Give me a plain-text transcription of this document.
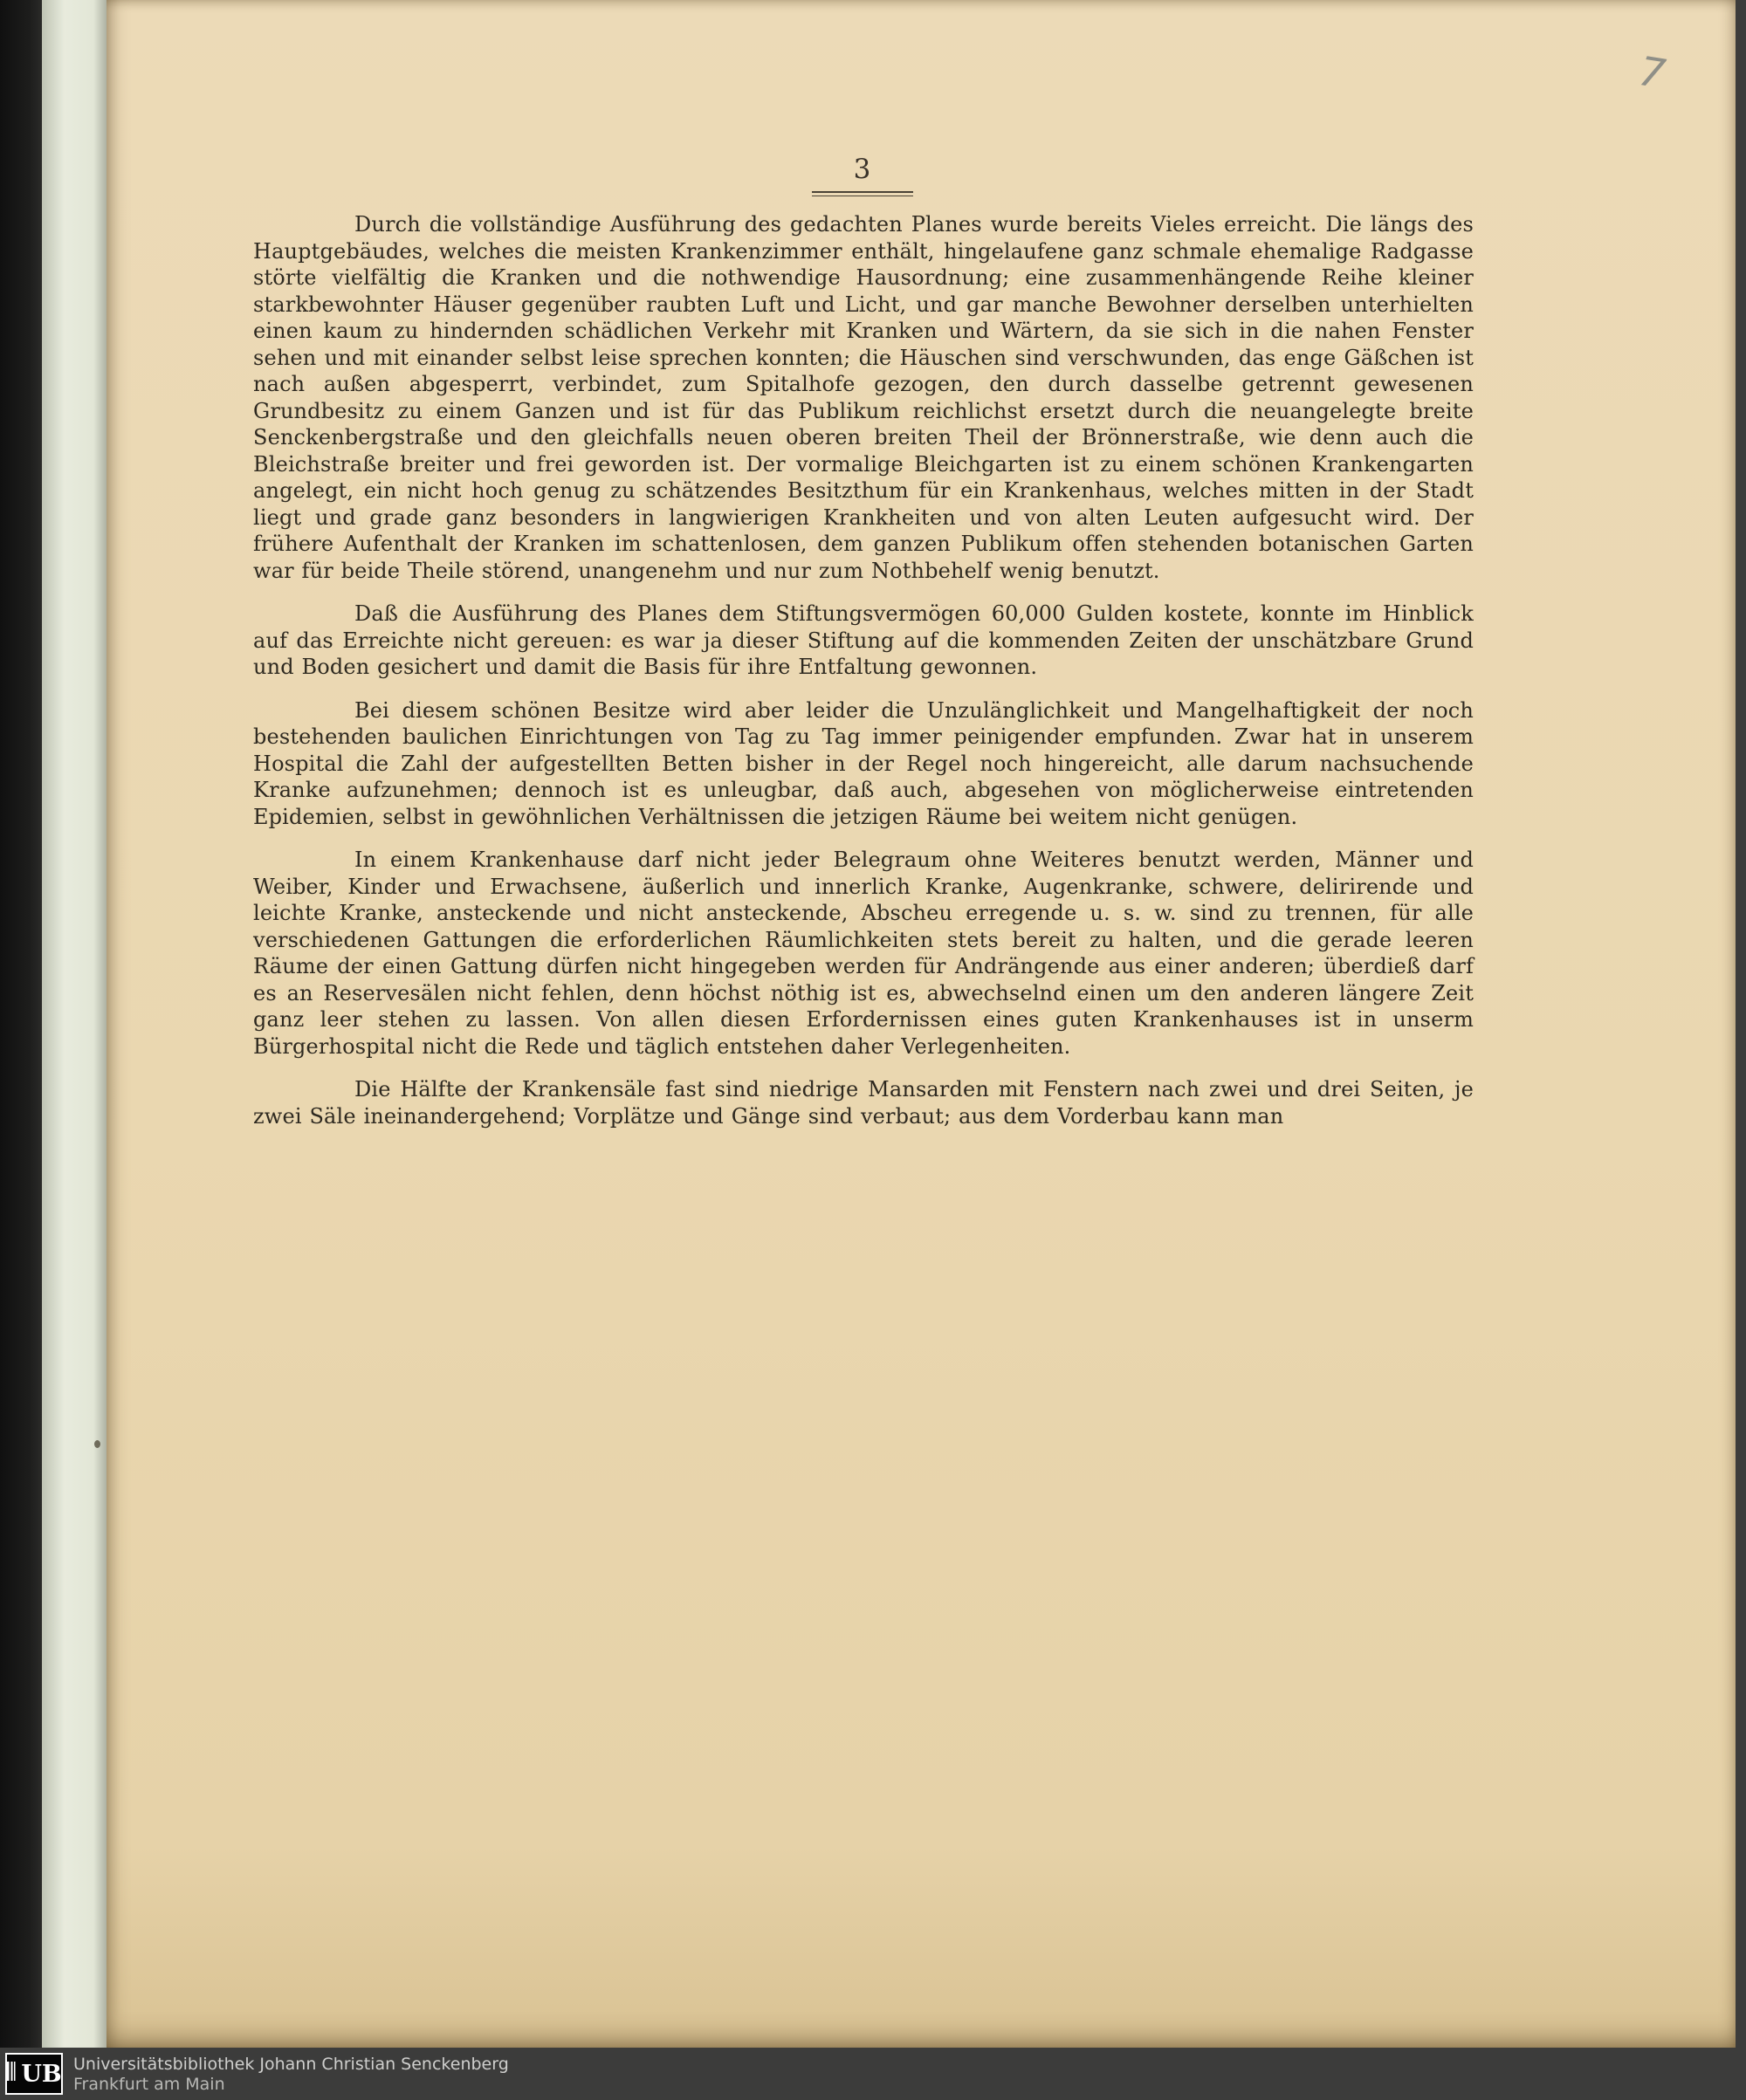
7
3

Durch die vollständige Ausführung des gedachten Planes wurde bereits Vieles erreicht. Die längs des Hauptgebäudes, welches die meisten Krankenzimmer enthält, hingelaufene ganz schmale ehemalige Radgasse störte vielfältig die Kranken und die nothwendige Hausordnung; eine zusammenhängende Reihe kleiner starkbewohnter Häuser gegenüber raubten Luft und Licht, und gar manche Bewohner derselben unterhielten einen kaum zu hindernden schädlichen Verkehr mit Kranken und Wärtern, da sie sich in die nahen Fenster sehen und mit einander selbst leise sprechen konnten; die Häuschen sind verschwunden, das enge Gäßchen ist nach außen abgesperrt, verbindet, zum Spitalhofe gezogen, den durch dasselbe getrennt gewesenen Grundbesitz zu einem Ganzen und ist für das Publikum reichlichst ersetzt durch die neuangelegte breite Senckenbergstraße und den gleichfalls neuen oberen breiten Theil der Brönnerstraße, wie denn auch die Bleichstraße breiter und frei geworden ist. Der vormalige Bleichgarten ist zu einem schönen Krankengarten angelegt, ein nicht hoch genug zu schätzendes Besitzthum für ein Krankenhaus, welches mitten in der Stadt liegt und grade ganz besonders in langwierigen Krankheiten und von alten Leuten aufgesucht wird. Der frühere Aufenthalt der Kranken im schattenlosen, dem ganzen Publikum offen stehenden botanischen Garten war für beide Theile störend, unangenehm und nur zum Nothbehelf wenig benutzt.

Daß die Ausführung des Planes dem Stiftungsvermögen 60,000 Gulden kostete, konnte im Hinblick auf das Erreichte nicht gereuen: es war ja dieser Stiftung auf die kommenden Zeiten der unschätzbare Grund und Boden gesichert und damit die Basis für ihre Entfaltung gewonnen.

Bei diesem schönen Besitze wird aber leider die Unzulänglichkeit und Mangelhaftigkeit der noch bestehenden baulichen Einrichtungen von Tag zu Tag immer peinigender empfunden. Zwar hat in unserem Hospital die Zahl der aufgestellten Betten bisher in der Regel noch hingereicht, alle darum nachsuchende Kranke aufzunehmen; dennoch ist es unleugbar, daß auch, abgesehen von möglicherweise eintretenden Epidemien, selbst in gewöhnlichen Verhältnissen die jetzigen Räume bei weitem nicht genügen.

In einem Krankenhause darf nicht jeder Belegraum ohne Weiteres benutzt werden, Männer und Weiber, Kinder und Erwachsene, äußerlich und innerlich Kranke, Augenkranke, schwere, delirirende und leichte Kranke, ansteckende und nicht ansteckende, Abscheu erregende u. s. w. sind zu trennen, für alle verschiedenen Gattungen die erforderlichen Räumlichkeiten stets bereit zu halten, und die gerade leeren Räume der einen Gattung dürfen nicht hingegeben werden für Andrängende aus einer anderen; überdieß darf es an Reservesälen nicht fehlen, denn höchst nöthig ist es, abwechselnd einen um den anderen längere Zeit ganz leer stehen zu lassen. Von allen diesen Erfordernissen eines guten Krankenhauses ist in unserm Bürgerhospital nicht die Rede und täglich entstehen daher Verlegenheiten.

Die Hälfte der Krankensäle fast sind niedrige Mansarden mit Fenstern nach zwei und drei Seiten, je zwei Säle ineinandergehend; Vorplätze und Gänge sind verbaut; aus dem Vorderbau kann man

UB Universitätsbibliothek Johann Christian Senckenberg
Frankfurt am Main
